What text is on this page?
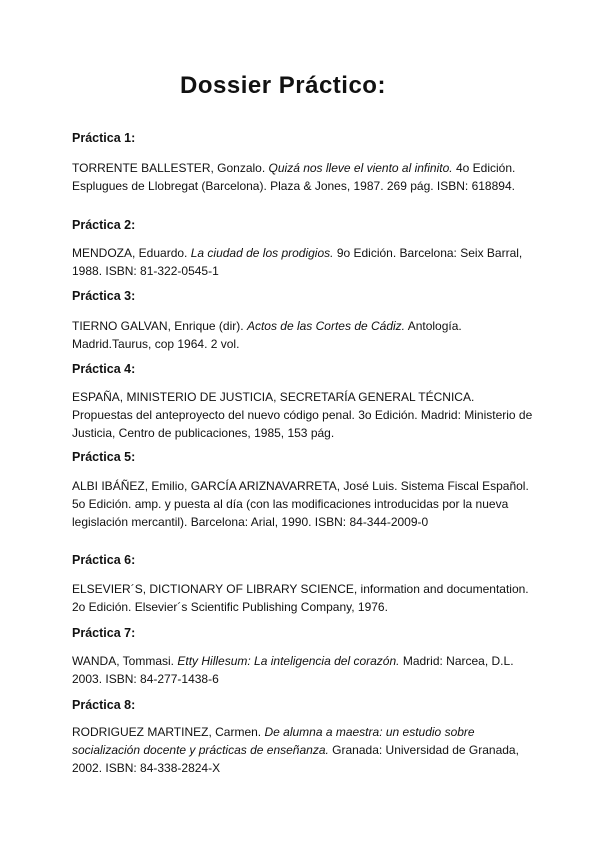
Dossier Práctico:
Práctica 1:

TORRENTE BALLESTER, Gonzalo. Quizá nos lleve el viento al infinito. 4o Edición. Esplugues de Llobregat (Barcelona). Plaza & Jones, 1987. 269 pág. ISBN: 618894.

Práctica 2:

MENDOZA, Eduardo. La ciudad de los prodigios. 9o Edición. Barcelona: Seix Barral, 1988. ISBN: 81-322-0545-1

Práctica 3:

TIERNO GALVAN, Enrique (dir). Actos de las Cortes de Cádiz. Antología. Madrid.Taurus, cop 1964. 2 vol.

Práctica 4:

ESPAÑA, MINISTERIO DE JUSTICIA, SECRETARÍA GENERAL TÉCNICA. Propuestas del anteproyecto del nuevo código penal. 3o Edición. Madrid: Ministerio de Justicia, Centro de publicaciones, 1985, 153 pág.

Práctica 5:

ALBI IBÁÑEZ, Emilio, GARCÍA ARIZNAVARRETA, José Luis. Sistema Fiscal Español. 5o Edición. amp. y puesta al día (con las modificaciones introducidas por la nueva legislación mercantil). Barcelona: Arial, 1990. ISBN: 84-344-2009-0

Práctica 6:

ELSEVIER´S, DICTIONARY OF LIBRARY SCIENCE, information and documentation. 2o Edición. Elsevier´s Scientific Publishing Company, 1976.

Práctica 7:

WANDA, Tommasi. Etty Hillesum: La inteligencia del corazón. Madrid: Narcea, D.L. 2003. ISBN: 84-277-1438-6

Práctica 8:

RODRIGUEZ MARTINEZ, Carmen. De alumna a maestra: un estudio sobre socialización docente y prácticas de enseñanza. Granada: Universidad de Granada, 2002. ISBN: 84-338-2824-X
